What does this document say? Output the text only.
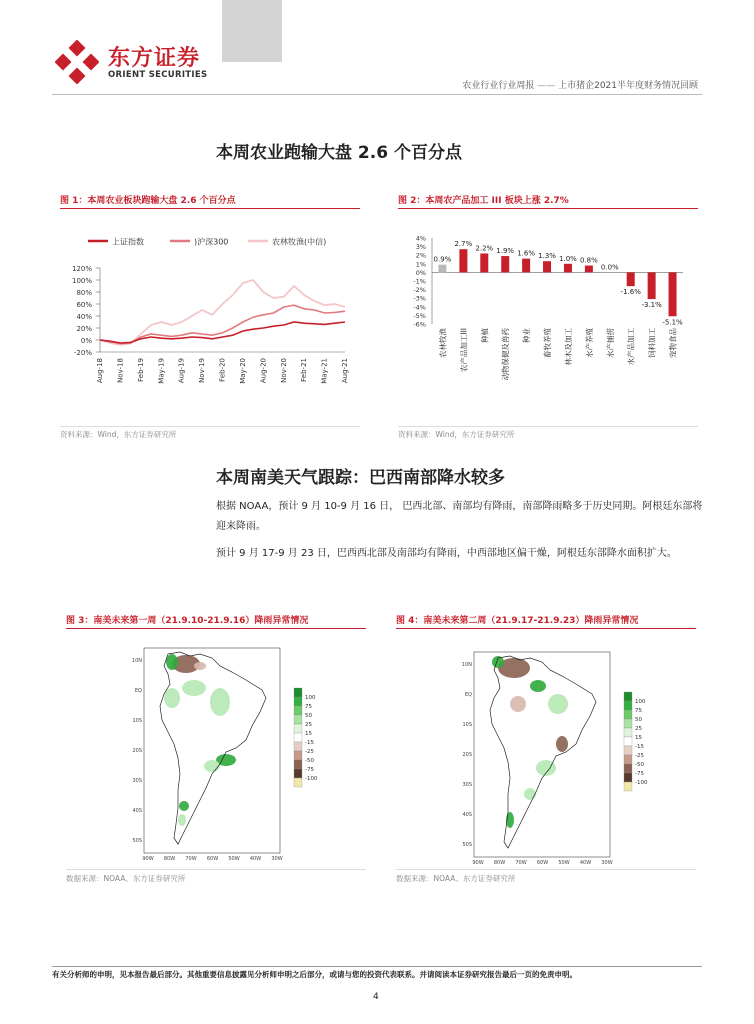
东方证券
ORIENT SECURITIES
农业行业行业周报 —— 上市猪企2021半年度财务情况回顾
本周农业跑输大盘 2.6 个百分点
图 1：本周农业板块跑输大盘 2.6 个百分点
上证指数	)沪深300	农林牧渔(中信)
120%
100%
80%
60%
40%
20%
0%
-20%
Aug-18 Nov-18 Feb-19 May-19 Aug-19 Nov-19 Feb-20 May-20 Aug-20 Nov-20 Feb-21 May-21 Aug-21
资料来源：Wind，东方证券研究所
图 2：本周农产品加工 III 板块上涨 2.7%
4%
3%
2%
1%
0%
-1%
-2%
-3%
-4%
-5%
-6%
0.9%
2.7%
2.2% 1.9% 1.6% 1.3% 1.0% 0.8%
0.0%
-1.6%
-3.1%
-5.1%
农林牧渔 农产品加工III 种植 动物保健及兽药 种业 畜牧养殖 林木及加工 水产养殖 水产捕捞 水产品加工 饲料加工 宠物食品
资料来源：Wind，东方证券研究所
本周南美天气跟踪：巴西南部降水较多
根据 NOAA，预计 9 月 10-9 月 16 日， 巴西北部、南部均有降雨，南部降雨略多于历史同期。阿根廷东部将迎来降雨。
预计 9 月 17-9 月 23 日，巴西西北部及南部均有降雨，中西部地区偏干燥，阿根廷东部降水面积扩大。
图 3：南美未来第一周（21.9.10-21.9.16）降雨异常情况
10N
EQ
10S
20S
30S
40S
50S
90W 80W 70W 60W 50W 40W 30W
100
75
50
25
15
-15
-25
-50
-75
-100
数据来源：NOAA、东方证券研究所
图 4：南美未来第二周（21.9.17-21.9.23）降雨异常情况
10N
EQ
10S
20S
30S
40S
50S
90W 80W 70W 60W 50W 40W 30W
100
75
50
25
15
-15
-25
-50
-75
-100
数据来源：NOAA、东方证券研究所
有关分析师的申明，见本报告最后部分。其他重要信息披露见分析师申明之后部分，或请与您的投资代表联系。并请阅读本证券研究报告最后一页的免责申明。
4
